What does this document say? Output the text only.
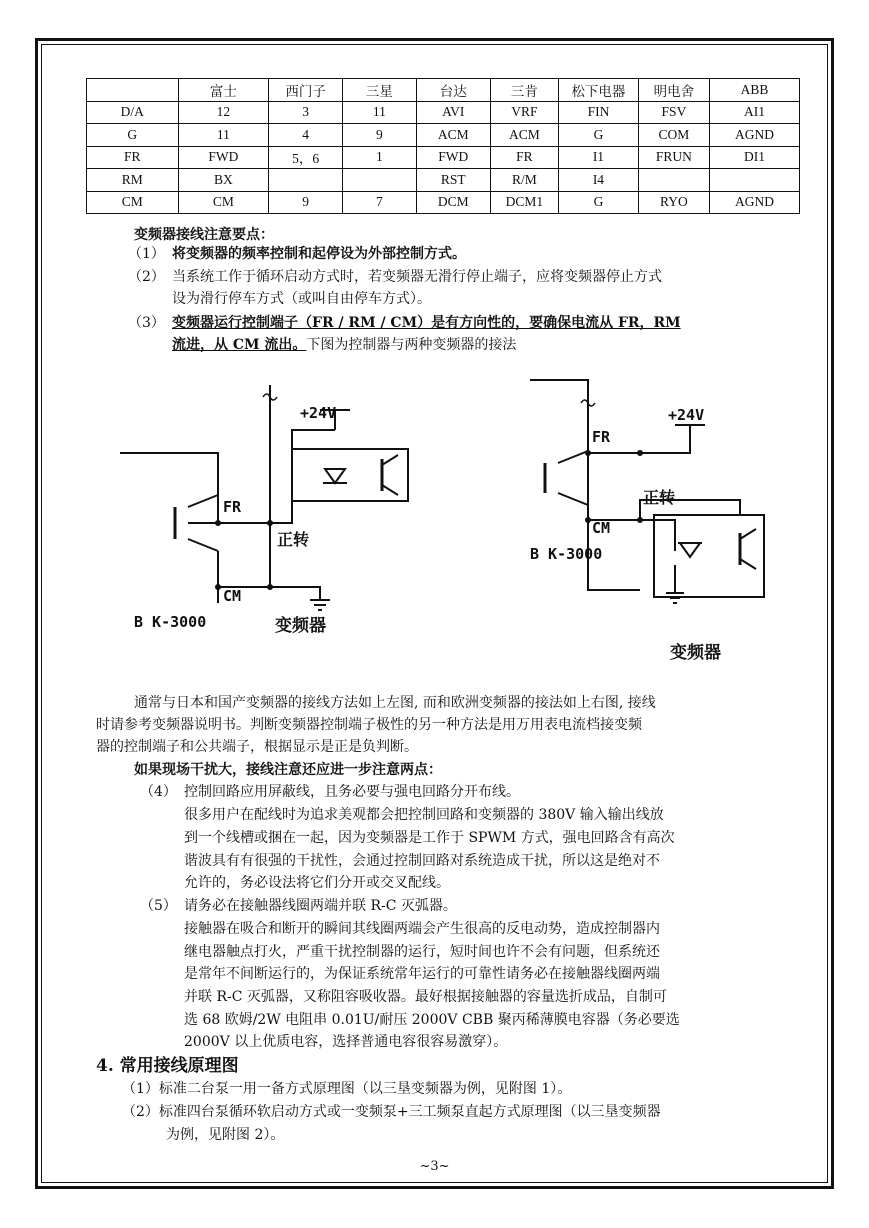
	富士	西门子	三星	台达	三肯	松下电器	明电舍	ABB
D/A	12	3	11	AVI	VRF	FIN	FSV	AI1
G	11	4	9	ACM	ACM	G	COM	AGND
FR	FWD	5，6	1	FWD	FR	I1	FRUN	DI1
RM	BX			RST	R/M	I4		
CM	CM	9	7	DCM	DCM1	G	RYO	AGND
变频器接线注意要点：
（1） 将变频器的频率控制和起停设为外部控制方式。
（2） 当系统工作于循环启动方式时，若变频器无滑行停止端子，应将变频器停止方式
设为滑行停车方式（或叫自由停车方式）。
（3） 变频器运行控制端子（FR / RM / CM）是有方向性的，要确保电流从 FR，RM
流进，从 CM 流出。下图为控制器与两种变频器的接法
+24V
FR
CM
正转
B K-3000	变频器
+24V
FR
CM
正转
B K-3000
变频器
通常与日本和国产变频器的接线方法如上左图, 而和欧洲变频器的接法如上右图, 接线
时请参考变频器说明书。判断变频器控制端子极性的另一种方法是用万用表电流档接变频
器的控制端子和公共端子，根据显示是正是负判断。
如果现场干扰大，接线注意还应进一步注意两点：
（4） 控制回路应用屏蔽线，且务必要与强电回路分开布线。
很多用户在配线时为追求美观都会把控制回路和变频器的 380V 输入输出线放
到一个线槽或捆在一起，因为变频器是工作于 SPWM 方式，强电回路含有高次
谐波具有有很强的干扰性，会通过控制回路对系统造成干扰，所以这是绝对不
允许的，务必设法将它们分开或交叉配线。
（5） 请务必在接触器线圈两端并联 R-C 灭弧器。
接触器在吸合和断开的瞬间其线圈两端会产生很高的反电动势，造成控制器内
继电器触点打火，严重干扰控制器的运行，短时间也许不会有问题，但系统还
是常年不间断运行的，为保证系统常年运行的可靠性请务必在接触器线圈两端
并联 R-C 灭弧器，又称阻容吸收器。最好根据接触器的容量选折成品，自制可
选 68 欧姆/2W 电阻串 0.01U/耐压 2000V CBB 聚丙稀薄膜电容器（务必要选
2000V 以上优质电容，选择普通电容很容易激穿）。
4. 常用接线原理图
（1）标准二台泵一用一备方式原理图（以三垦变频器为例，见附图 1）。
（2）标准四台泵循环软启动方式或一变频泵+三工频泵直起方式原理图（以三垦变频器
为例，见附图 2）。
~3~
